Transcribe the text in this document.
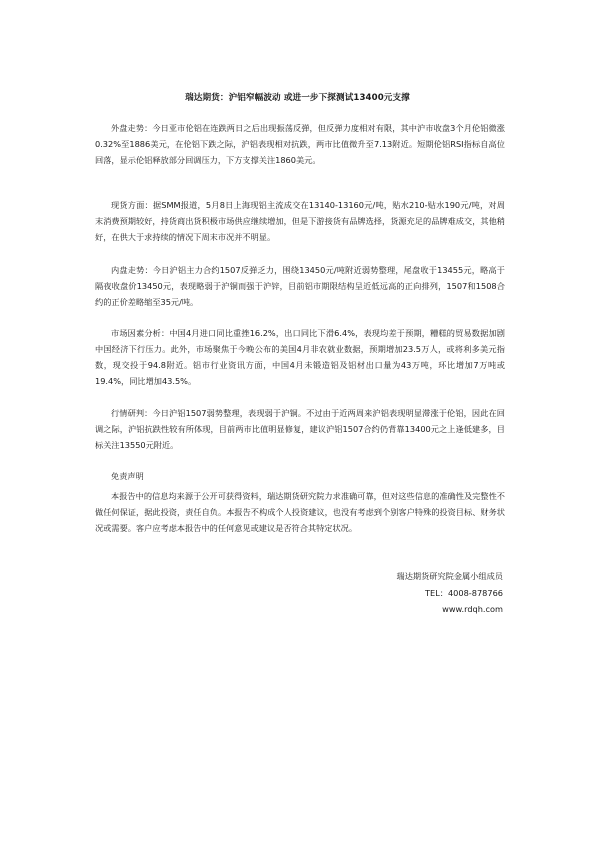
瑞达期货：沪铝窄幅波动 或进一步下探测试13400元支撑

外盘走势：今日亚市伦铝在连跌两日之后出现振荡反弹，但反弹力度相对有限，其中沪市收盘3个月伦铝微涨0.32%至1886美元，在伦铝下跌之际，沪铝表现相对抗跌，两市比值微升至7.13附近。短期伦铝RSI指标自高位回落，显示伦铝释放部分回调压力，下方支撑关注1860美元。

现货方面：据SMM报道，5月8日上海现铝主流成交在13140-13160元/吨，贴水210-贴水190元/吨，对周末消费预期较好，持货商出货积极市场供应继续增加，但是下游接货有品牌选择，货源充足的品牌难成交，其他稍好，在供大于求持续的情况下周末市况并不明显。

内盘走势：今日沪铝主力合约1507反弹乏力，围绕13450元/吨附近弱势整理，尾盘收于13455元，略高于隔夜收盘价13450元，表现略弱于沪铜而强于沪锌，目前铝市期限结构呈近低远高的正向排列，1507和1508合约的正价差略缩至35元/吨。

市场因素分析：中国4月进口同比重挫16.2%，出口同比下滑6.4%，表现均差于预期，糟糕的贸易数据加剧中国经济下行压力。此外，市场聚焦于今晚公布的美国4月非农就业数据，预期增加23.5万人，或将利多美元指数，现交投于94.8附近。铝市行业资讯方面，中国4月未锻造铝及铝材出口量为43万吨，环比增加7万吨或19.4%，同比增加43.5%。

行情研判：今日沪铝1507弱势整理，表现弱于沪铜。不过由于近两周来沪铝表现明显滞涨于伦铝，因此在回调之际，沪铝抗跌性较有所体现，目前两市比值明显修复，建议沪铝1507合约仍背靠13400元之上逢低建多，目标关注13550元附近。

免责声明

本报告中的信息均来源于公开可获得资料，瑞达期货研究院力求准确可靠，但对这些信息的准确性及完整性不做任何保证，据此投资，责任自负。本报告不构成个人投资建议，也没有考虑到个别客户特殊的投资目标、财务状况或需要。客户应考虑本报告中的任何意见或建议是否符合其特定状况。

瑞达期货研究院金属小组成员
TEL：4008-878766
www.rdqh.com
